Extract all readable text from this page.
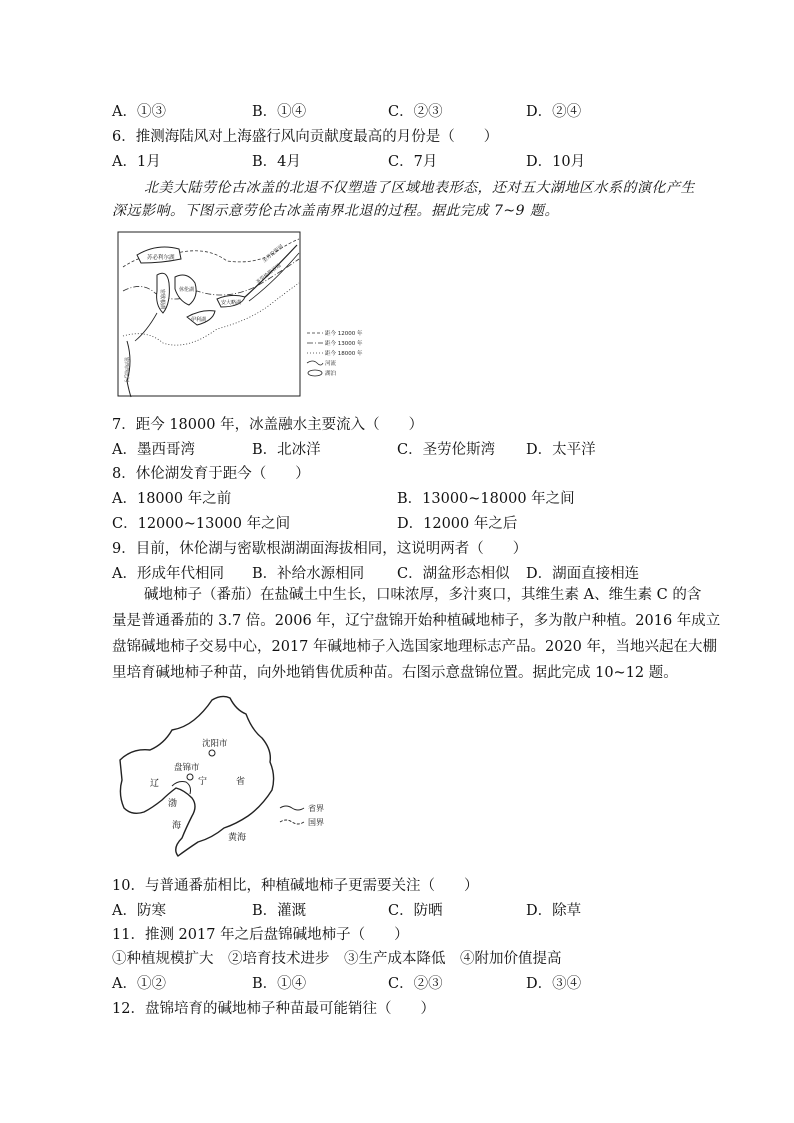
A．①③	B．①④	C．②③	D．②④
6．推测海陆风对上海盛行风向贡献度最高的月份是（　　）
A．1月	B．4月	C．7月	D．10月
北美大陆劳伦古冰盖的北退不仅塑造了区域地表形态，还对五大湖地区水系的演化产生
深远影响。下图示意劳伦古冰盖南界北退的过程。据此完成 7~9 题。
苏必利尔湖
密歇根湖	休伦湖
伊利湖
安大略湖
圣劳伦斯河
圣劳伦斯谷地
密西西比河
距今 12000 年
距今 13000 年
距今 18000 年
河流
湖泊
7．距今 18000 年，冰盖融水主要流入（　　）
A．墨西哥湾	B．北冰洋	C．圣劳伦斯湾 D．太平洋
8．休伦湖发育于距今（　　）
A．18000 年之前	B．13000~18000 年之间
C．12000~13000 年之间	D．12000 年之后
9．目前，休伦湖与密歇根湖湖面海拔相同，这说明两者（　　）
A．形成年代相同 B．补给水源相同 C．湖盆形态相似 D．湖面直接相连
碱地柿子（番茄）在盐碱土中生长，口味浓厚，多汁爽口，其维生素 A、维生素 C 的含
量是普通番茄的 3.7 倍。2006 年，辽宁盘锦开始种植碱地柿子，多为散户种植。2016 年成立
盘锦碱地柿子交易中心，2017 年碱地柿子入选国家地理标志产品。2020 年，当地兴起在大棚
里培育碱地柿子种苗，向外地销售优质种苗。右图示意盘锦位置。据此完成 10~12 题。
沈阳市
盘锦市
辽	宁	省
渤
海
黄海
省界
国界
10．与普通番茄相比，种植碱地柿子更需要关注（　　）
A．防寒	B．灌溉	C．防晒	D．除草
11．推测 2017 年之后盘锦碱地柿子（　　）
①种植规模扩大　②培育技术进步　③生产成本降低　④附加价值提高
A．①②	B．①④	C．②③	D．③④
12．盘锦培育的碱地柿子种苗最可能销往（　　）
